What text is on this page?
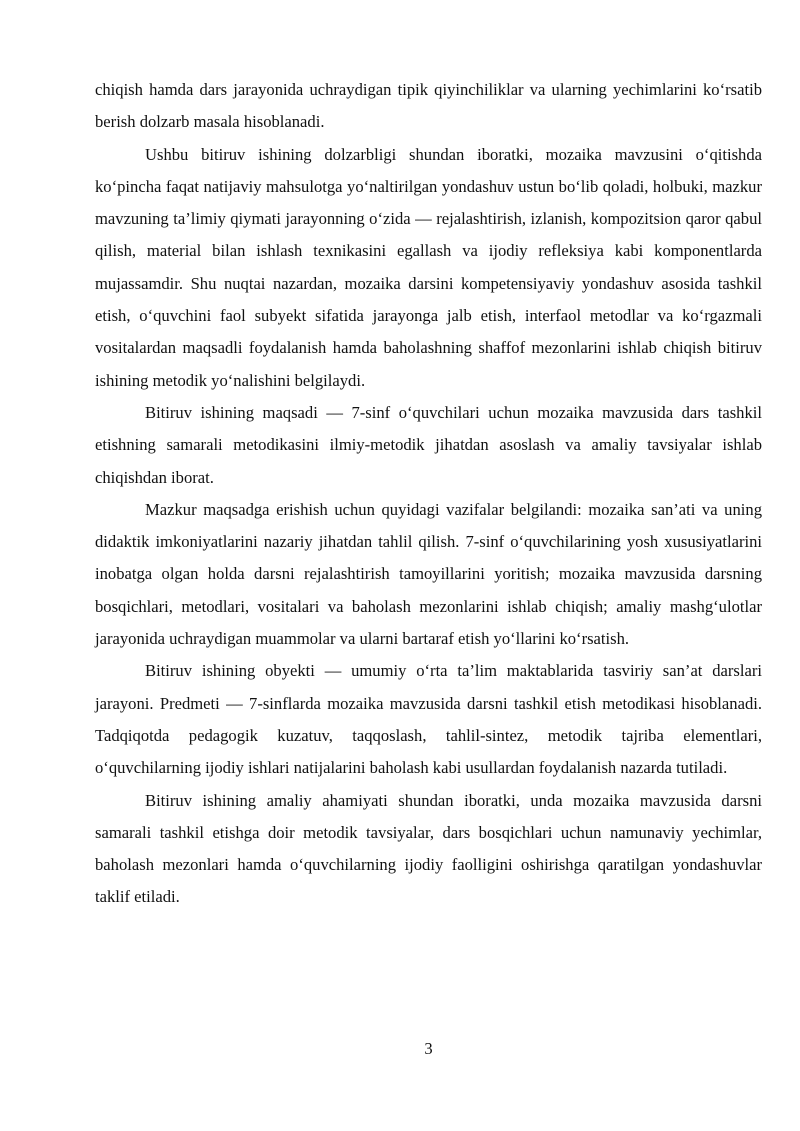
chiqish hamda dars jarayonida uchraydigan tipik qiyinchiliklar va ularning yechimlarini ko‘rsatib berish dolzarb masala hisoblanadi.

Ushbu bitiruv ishining dolzarbligi shundan iboratki, mozaika mavzusini o‘qitishda ko‘pincha faqat natijaviy mahsulotga yo‘naltirilgan yondashuv ustun bo‘lib qoladi, holbuki, mazkur mavzuning ta’limiy qiymati jarayonning o‘zida — rejalashtirish, izlanish, kompozitsion qaror qabul qilish, material bilan ishlash texnikasini egallash va ijodiy refleksiya kabi komponentlarda mujassamdir. Shu nuqtai nazardan, mozaika darsini kompetensiyaviy yondashuv asosida tashkil etish, o‘quvchini faol subyekt sifatida jarayonga jalb etish, interfaol metodlar va ko‘rgazmali vositalardan maqsadli foydalanish hamda baholashning shaffof mezonlarini ishlab chiqish bitiruv ishining metodik yo‘nalishini belgilaydi.

Bitiruv ishining maqsadi — 7-sinf o‘quvchilari uchun mozaika mavzusida dars tashkil etishning samarali metodikasini ilmiy-metodik jihatdan asoslash va amaliy tavsiyalar ishlab chiqishdan iborat.

Mazkur maqsadga erishish uchun quyidagi vazifalar belgilandi: mozaika san’ati va uning didaktik imkoniyatlarini nazariy jihatdan tahlil qilish. 7-sinf o‘quvchilarining yosh xususiyatlarini inobatga olgan holda darsni rejalashtirish tamoyillarini yoritish; mozaika mavzusida darsning bosqichlari, metodlari, vositalari va baholash mezonlarini ishlab chiqish; amaliy mashg‘ulotlar jarayonida uchraydigan muammolar va ularni bartaraf etish yo‘llarini ko‘rsatish.

Bitiruv ishining obyekti — umumiy o‘rta ta’lim maktablarida tasviriy san’at darslari jarayoni. Predmeti — 7-sinflarda mozaika mavzusida darsni tashkil etish metodikasi hisoblanadi. Tadqiqotda pedagogik kuzatuv, taqqoslash, tahlil-sintez, metodik tajriba elementlari, o‘quvchilarning ijodiy ishlari natijalarini baholash kabi usullardan foydalanish nazarda tutiladi.

Bitiruv ishining amaliy ahamiyati shundan iboratki, unda mozaika mavzusida darsni samarali tashkil etishga doir metodik tavsiyalar, dars bosqichlari uchun namunaviy yechimlar, baholash mezonlari hamda o‘quvchilarning ijodiy faolligini oshirishga qaratilgan yondashuvlar taklif etiladi.

3
